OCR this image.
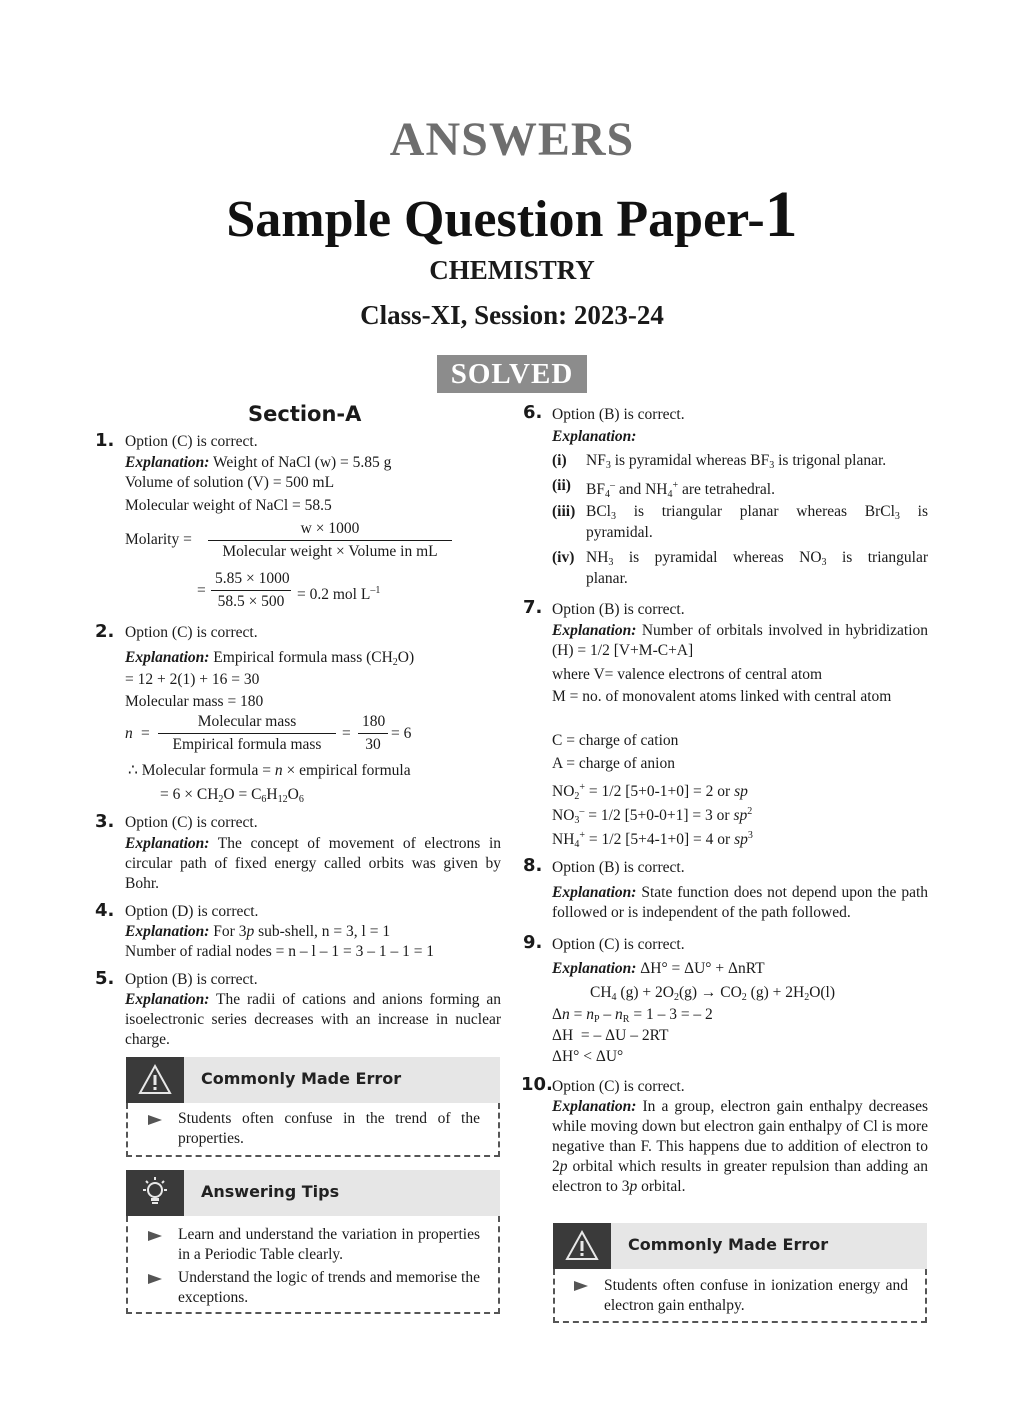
ANSWERS
Sample Question Paper-1
CHEMISTRY
Class-XI, Session: 2023-24
SOLVED
Section-A
1. Option (C) is correct.
Explanation: Weight of NaCl (w) = 5.85 g
Volume of solution (V) = 500 mL
Molecular weight of NaCl = 58.5
Molarity =
w × 1000
Molecular weight × Volume in mL
= $\frac{5.85 \times 1000}{58.5 \times 500} = 0.2$ mol $L^{-1}$
2. Option (C) is correct.
Explanation: Empirical formula mass $(CH_2O)$
= 12 + 2(1) + 16 = 30
Molecular mass = 180
n =
Molecular mass
Empirical formula mass
= $\frac{180}{30} = 6$
∴ Molecular formula = n × empirical formula
= $6 \times CH_2O = C_6H_{12}O_6$
3. Option (C) is correct.
Explanation: The concept of movement of electrons in circular path of fixed energy called orbits was given by Bohr.
4. Option (D) is correct.
Explanation: For 3p sub-shell, n = 3, l = 1
Number of radial nodes = n – l – 1 = 3 – 1 – 1 = 1
5. Option (B) is correct.
Explanation: The radii of cations and anions forming an isoelectronic series decreases with an increase in nuclear charge.
Commonly Made Error
Students often confuse in the trend of the properties.
Answering Tips
Learn and understand the variation in properties in a Periodic Table clearly.
Understand the logic of trends and memorise the exceptions.
6. Option (B) is correct.
Explanation:
(i) $NF_3$ is pyramidal whereas $BF_3$ is trigonal planar.
(ii) $BF_4^-$ and $NH_4^+$ are tetrahedral.
(iii) BCl$_3$ is triangular planar whereas BrCl$_3$ is
pyramidal.
(iv) $NH_3$ is pyramidal whereas $NO_3$ is triangular
planar.
7. Option (B) is correct.
Explanation: Number of orbitals involved in hybridization (H) = 1/2 [V+M-C+A]
where V= valence electrons of central atom
M = no. of monovalent atoms linked with central atom
C = charge of cation
A = charge of anion
$NO_2^+ = 1/2$ [5+0-1+0] = 2 or sp
$NO_3^- = 1/2$ [5+0-0+1] = 3 or $sp^2$
$NH_4^+ = 1/2$ [5+4-1+0] = 4 or $sp^3$
8. Option (B) is correct.
Explanation: State function does not depend upon the path followed or is independent of the path followed.
9. Option (C) is correct.
Explanation: ΔH° = ΔU° + ΔnRT
$CH_4$ $(g) + 2O_2(g) \to CO_2$ $(g) + 2H_2O(l)$
$\Delta n = n_P - n_R = 1 - 3$ = – 2
ΔH  = – ΔU – 2RT
ΔH° < ΔU°
10. Option (C) is correct.
Explanation: In a group, electron gain enthalpy decreases while moving down but electron gain enthalpy of Cl is more negative than F. This happens due to addition of electron to 2p orbital which results in greater repulsion than adding an electron to 3p orbital.
Commonly Made Error
Students often confuse in ionization energy and electron gain enthalpy.
